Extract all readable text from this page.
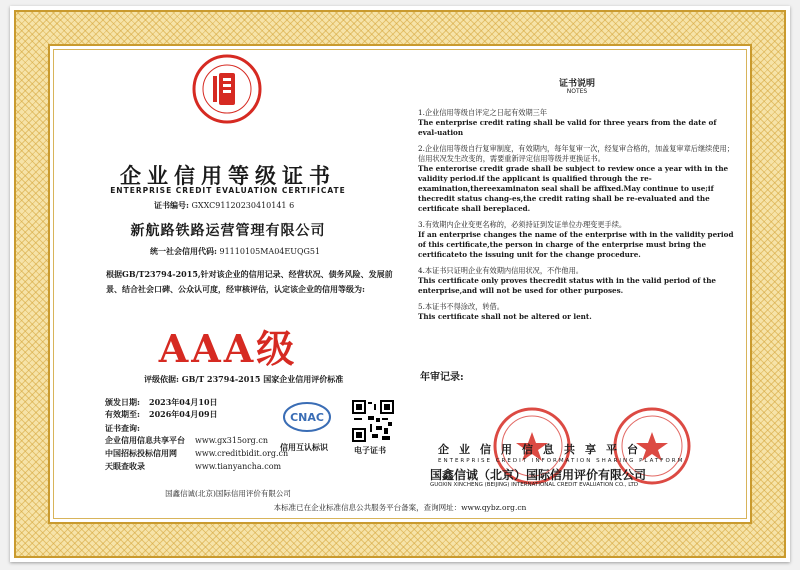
企业信用等级证书
ENTERPRISE CREDIT EVALUATION CERTIFICATE
证书编号: GXXC91120230410141 6
新航路铁路运营管理有限公司
统一社会信用代码: 91110105MA04EUQG51
根据GB/T23794-2015,针对该企业的信用记录、经营状况、债务风险、发展前景、结合社会口碑、公众认可度，经审核评估，认定该企业的信用等级为:
AAA级
评级依据: GB/T 23794-2015 国家企业信用评价标准
颁发日期: 2023年04月10日
有效期至: 2026年04月09日
证书查询:
企业信用信息共享平台 www.gx315org.cn
中国招标投标信用网 www.creditbidit.org.cn
天眼查收录	www.tianyancha.com
CNAC
信用互认标识	电子证书
国鑫信诚(北京)国际信用评价有限公司
证书说明
NOTES

1.企业信用等级自评定之日起有效期三年
The enterprise credit rating shall be valid for three years from the date of eval-uation

2.企业信用等级自行复审制度，有效期内，每年复审一次，经复审合格的，加盖复审章后继续使用；信用状况发生改变的，需要重新评定信用等级并更换证书。
The enterorise credit grade shall be subject to review once a year with in the validity period.if the applicant is qualified through the re-examination,thereexaminaton seal shall be affixed.May continue to use;if thecredit status chang-es,the credit rating shall be re-evaluated and the certificate shall bereplaced.

3.有效期内企业变更名称的，必须持证到发证单位办理变更手续。
If an enterprise changes the name of the enterprise with in the validity period of this certificate,the person in charge of the enterprise must bring the certificateto the issuing unit for the change procedure.

4.本证书只证明企业有效期内信用状况，不作他用。
This certificate only proves thecredit status with in the valid period of the enterprise,and will not be used for other purposes.

5.本证书不得涂改，转借。
This certificate shall not be altered or lent.

年审记录:
企业信用信息共享平台
ENTERPRISE CREDIT INFORMATION SHARING PLATFORM
国鑫信诚（北京）国际信用评价有限公司
GUOXIN XINCHENG (BEIJING) INTERNATIONAL CREDIT EVALUATION CO., LTD
本标准已在企业标准信息公共服务平台备案，查询网址：www.qybz.org.cn
